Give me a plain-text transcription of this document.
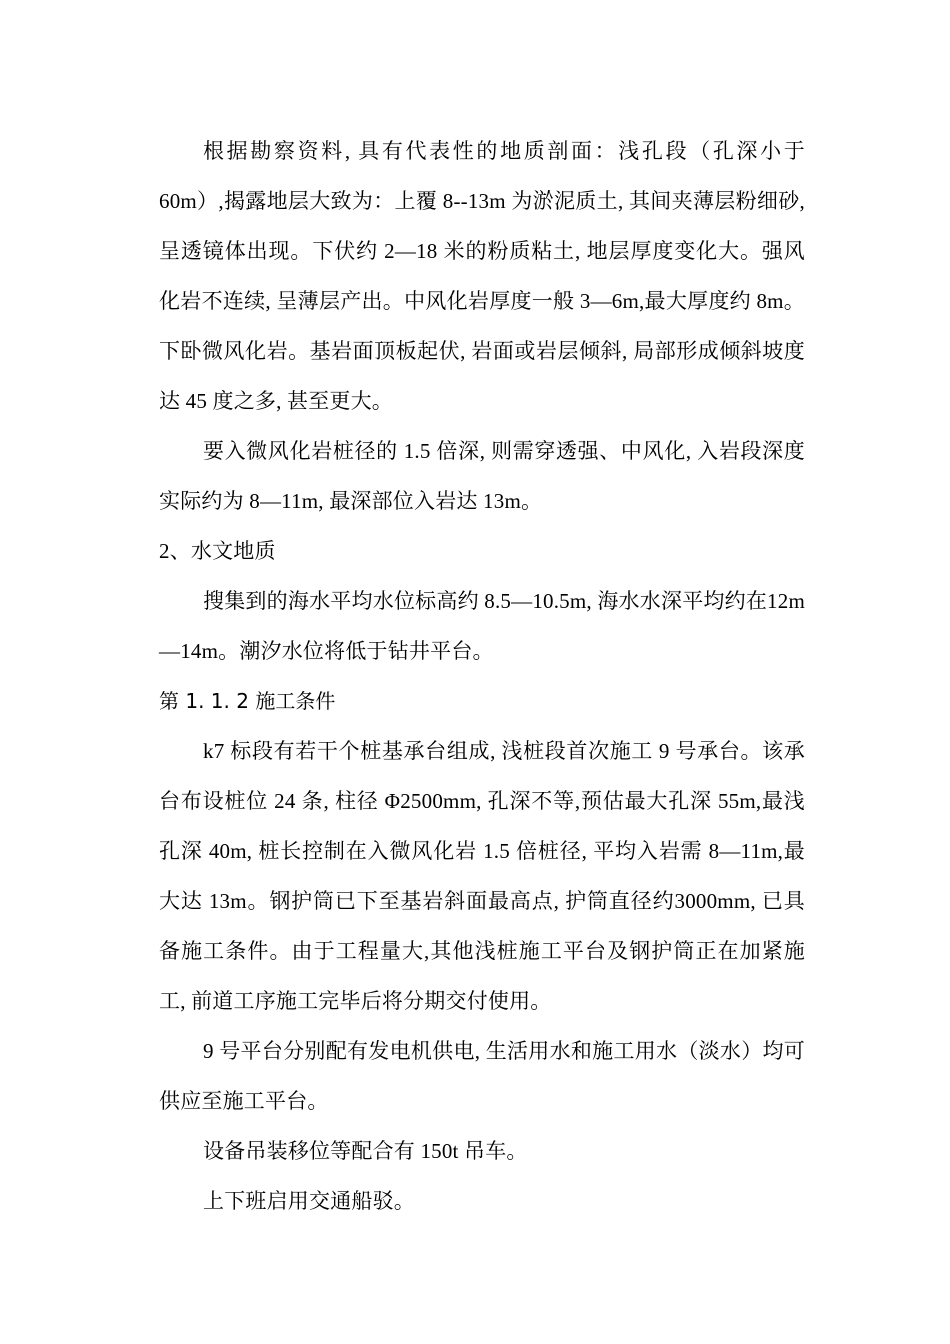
根据勘察资料, 具有代表性的地质剖面：浅孔段（孔深小于60m）,揭露地层大致为：上覆 8--13m 为淤泥质土, 其间夹薄层粉细砂,呈透镜体出现。下伏约 2—18 米的粉质粘土, 地层厚度变化大。强风化岩不连续, 呈薄层产出。中风化岩厚度一般 3—6m,最大厚度约 8m。下卧微风化岩。基岩面顶板起伏, 岩面或岩层倾斜, 局部形成倾斜坡度达 45 度之多, 甚至更大。

要入微风化岩桩径的 1.5 倍深, 则需穿透强、中风化, 入岩段深度实际约为 8—11m, 最深部位入岩达 13m。

2、水文地质

搜集到的海水平均水位标高约 8.5—10.5m, 海水水深平均约在12m—14m。潮汐水位将低于钻井平台。

第 1. 1. 2 施工条件

k7 标段有若干个桩基承台组成, 浅桩段首次施工 9 号承台。该承台布设桩位 24 条, 柱径 Φ2500mm, 孔深不等,预估最大孔深 55m,最浅孔深 40m, 桩长控制在入微风化岩 1.5 倍桩径, 平均入岩需 8—11m,最大达 13m。钢护筒已下至基岩斜面最高点, 护筒直径约3000mm, 已具备施工条件。由于工程量大,其他浅桩施工平台及钢护筒正在加紧施工, 前道工序施工完毕后将分期交付使用。

9 号平台分别配有发电机供电, 生活用水和施工用水（淡水）均可供应至施工平台。

设备吊装移位等配合有 150t 吊车。

上下班启用交通船驳。
